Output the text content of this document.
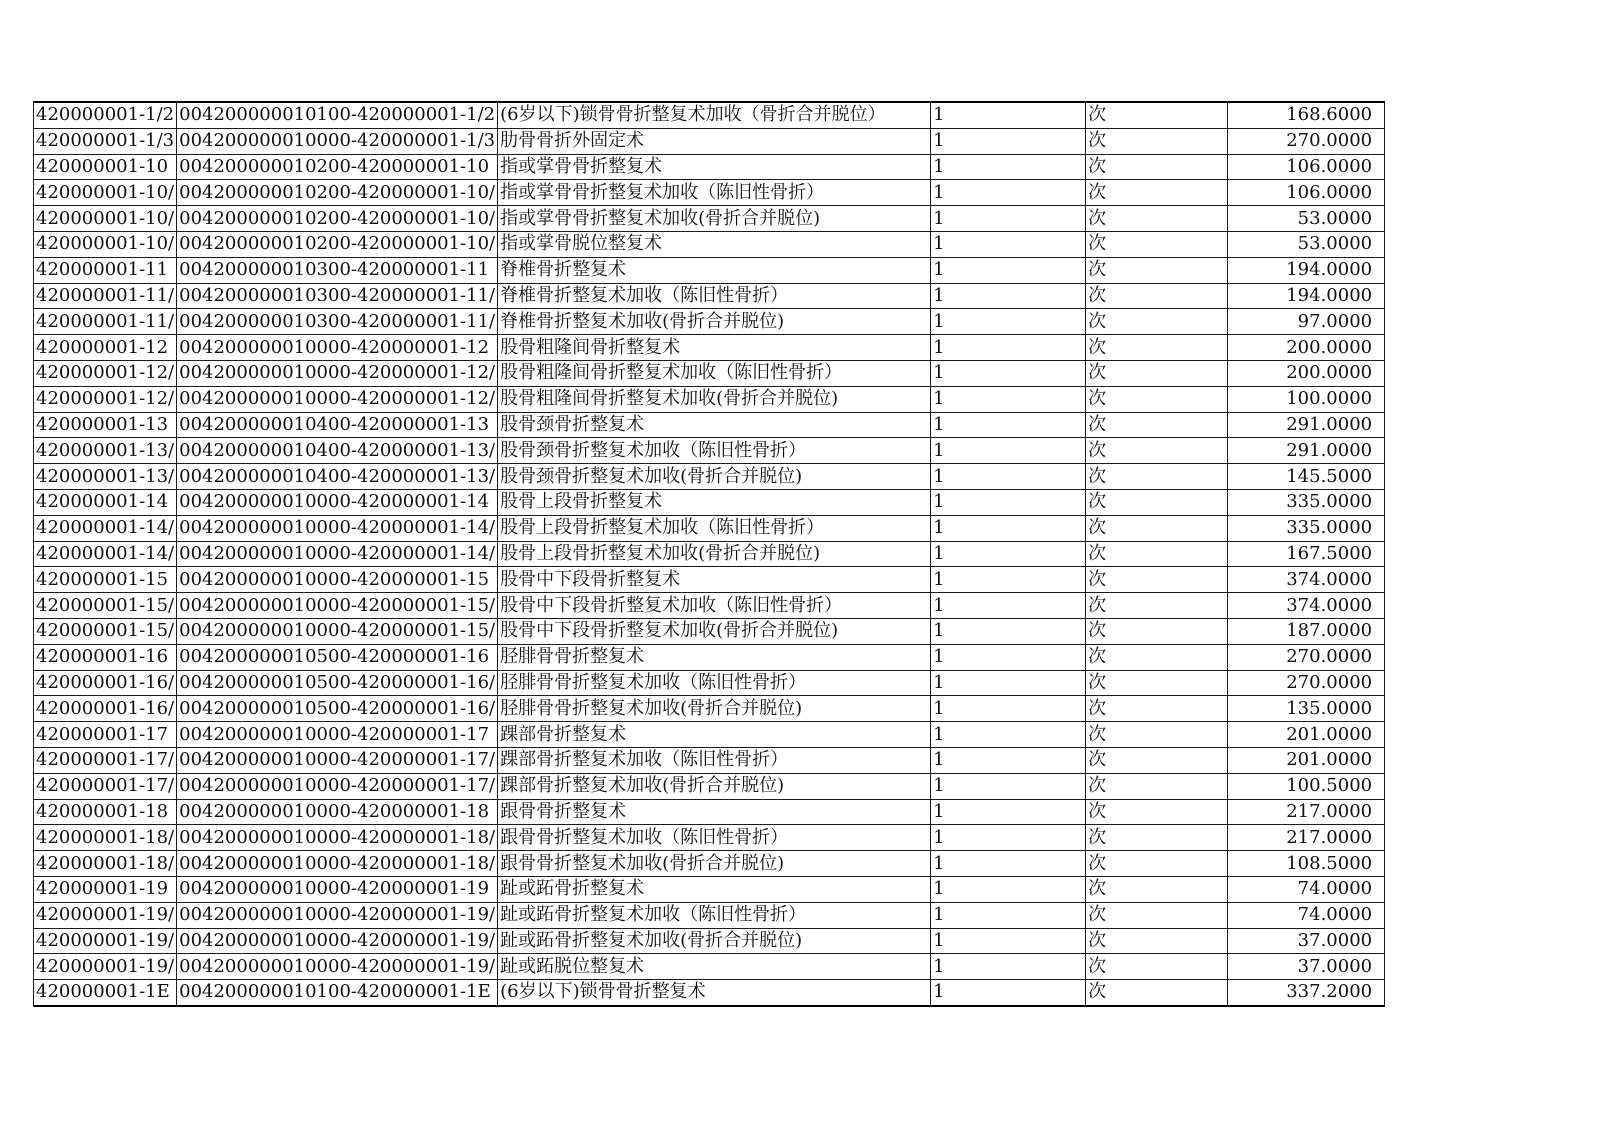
420000001-1/2	004200000010100-420000001-1/2	(6岁以下)锁骨骨折整复术加收（骨折合并脱位）	1	次	168.6000
420000001-1/3	004200000010000-420000001-1/3	肋骨骨折外固定术	1	次	270.0000
420000001-10	004200000010200-420000001-10	指或掌骨骨折整复术	1	次	106.0000
420000001-10/	004200000010200-420000001-10/	指或掌骨骨折整复术加收（陈旧性骨折）	1	次	106.0000
420000001-10/	004200000010200-420000001-10/	指或掌骨骨折整复术加收(骨折合并脱位)	1	次	53.0000
420000001-10/	004200000010200-420000001-10/	指或掌骨脱位整复术	1	次	53.0000
420000001-11	004200000010300-420000001-11	脊椎骨折整复术	1	次	194.0000
420000001-11/	004200000010300-420000001-11/	脊椎骨折整复术加收（陈旧性骨折）	1	次	194.0000
420000001-11/	004200000010300-420000001-11/	脊椎骨折整复术加收(骨折合并脱位)	1	次	97.0000
420000001-12	004200000010000-420000001-12	股骨粗隆间骨折整复术	1	次	200.0000
420000001-12/	004200000010000-420000001-12/	股骨粗隆间骨折整复术加收（陈旧性骨折）	1	次	200.0000
420000001-12/	004200000010000-420000001-12/	股骨粗隆间骨折整复术加收(骨折合并脱位)	1	次	100.0000
420000001-13	004200000010400-420000001-13	股骨颈骨折整复术	1	次	291.0000
420000001-13/	004200000010400-420000001-13/	股骨颈骨折整复术加收（陈旧性骨折）	1	次	291.0000
420000001-13/	004200000010400-420000001-13/	股骨颈骨折整复术加收(骨折合并脱位)	1	次	145.5000
420000001-14	004200000010000-420000001-14	股骨上段骨折整复术	1	次	335.0000
420000001-14/	004200000010000-420000001-14/	股骨上段骨折整复术加收（陈旧性骨折）	1	次	335.0000
420000001-14/	004200000010000-420000001-14/	股骨上段骨折整复术加收(骨折合并脱位)	1	次	167.5000
420000001-15	004200000010000-420000001-15	股骨中下段骨折整复术	1	次	374.0000
420000001-15/	004200000010000-420000001-15/	股骨中下段骨折整复术加收（陈旧性骨折）	1	次	374.0000
420000001-15/	004200000010000-420000001-15/	股骨中下段骨折整复术加收(骨折合并脱位)	1	次	187.0000
420000001-16	004200000010500-420000001-16	胫腓骨骨折整复术	1	次	270.0000
420000001-16/	004200000010500-420000001-16/	胫腓骨骨折整复术加收（陈旧性骨折）	1	次	270.0000
420000001-16/	004200000010500-420000001-16/	胫腓骨骨折整复术加收(骨折合并脱位)	1	次	135.0000
420000001-17	004200000010000-420000001-17	踝部骨折整复术	1	次	201.0000
420000001-17/	004200000010000-420000001-17/	踝部骨折整复术加收（陈旧性骨折）	1	次	201.0000
420000001-17/	004200000010000-420000001-17/	踝部骨折整复术加收(骨折合并脱位)	1	次	100.5000
420000001-18	004200000010000-420000001-18	跟骨骨折整复术	1	次	217.0000
420000001-18/	004200000010000-420000001-18/	跟骨骨折整复术加收（陈旧性骨折）	1	次	217.0000
420000001-18/	004200000010000-420000001-18/	跟骨骨折整复术加收(骨折合并脱位)	1	次	108.5000
420000001-19	004200000010000-420000001-19	趾或跖骨折整复术	1	次	74.0000
420000001-19/	004200000010000-420000001-19/	趾或跖骨折整复术加收（陈旧性骨折）	1	次	74.0000
420000001-19/	004200000010000-420000001-19/	趾或跖骨折整复术加收(骨折合并脱位)	1	次	37.0000
420000001-19/	004200000010000-420000001-19/	趾或跖脱位整复术	1	次	37.0000
420000001-1E	004200000010100-420000001-1E	(6岁以下)锁骨骨折整复术	1	次	337.2000
